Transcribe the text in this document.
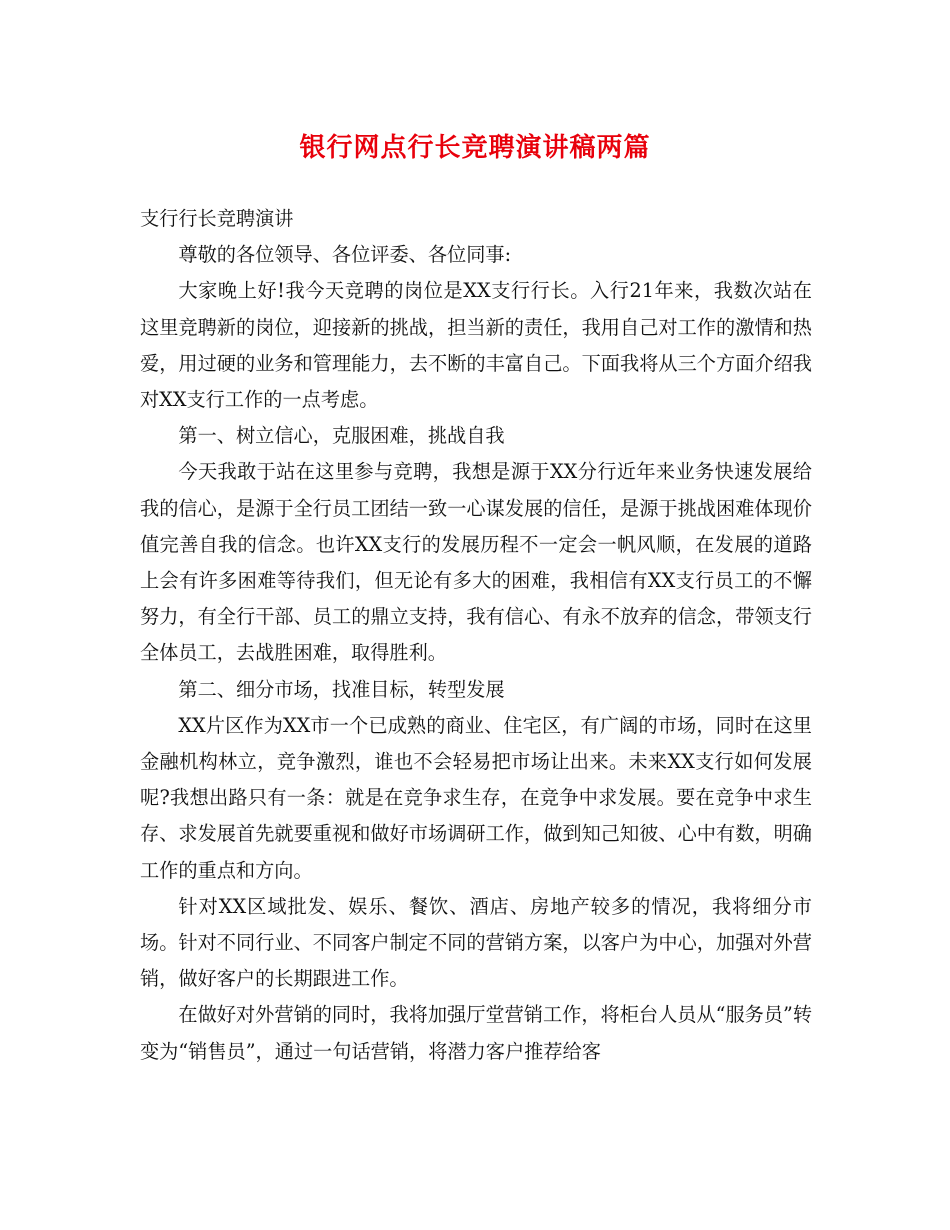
银行网点行长竞聘演讲稿两篇

支行行长竞聘演讲

尊敬的各位领导、各位评委、各位同事:

大家晚上好!我今天竞聘的岗位是XX支行行长。入行21年来，我数次站在这里竞聘新的岗位，迎接新的挑战，担当新的责任，我用自己对工作的激情和热爱，用过硬的业务和管理能力，去不断的丰富自己。下面我将从三个方面介绍我对XX支行工作的一点考虑。

第一、树立信心，克服困难，挑战自我

今天我敢于站在这里参与竞聘，我想是源于XX分行近年来业务快速发展给我的信心，是源于全行员工团结一致一心谋发展的信任，是源于挑战困难体现价值完善自我的信念。也许XX支行的发展历程不一定会一帆风顺，在发展的道路上会有许多困难等待我们，但无论有多大的困难，我相信有XX支行员工的不懈努力，有全行干部、员工的鼎立支持，我有信心、有永不放弃的信念，带领支行全体员工，去战胜困难，取得胜利。

第二、细分市场，找准目标，转型发展

XX片区作为XX市一个已成熟的商业、住宅区，有广阔的市场，同时在这里金融机构林立，竞争激烈，谁也不会轻易把市场让出来。未来XX支行如何发展呢?我想出路只有一条：就是在竞争求生存，在竞争中求发展。要在竞争中求生存、求发展首先就要重视和做好市场调研工作，做到知己知彼、心中有数，明确工作的重点和方向。

针对XX区域批发、娱乐、餐饮、酒店、房地产较多的情况，我将细分市场。针对不同行业、不同客户制定不同的营销方案，以客户为中心，加强对外营销，做好客户的长期跟进工作。

在做好对外营销的同时，我将加强厅堂营销工作，将柜台人员从“服务员”转变为“销售员”，通过一句话营销，将潜力客户推荐给客
